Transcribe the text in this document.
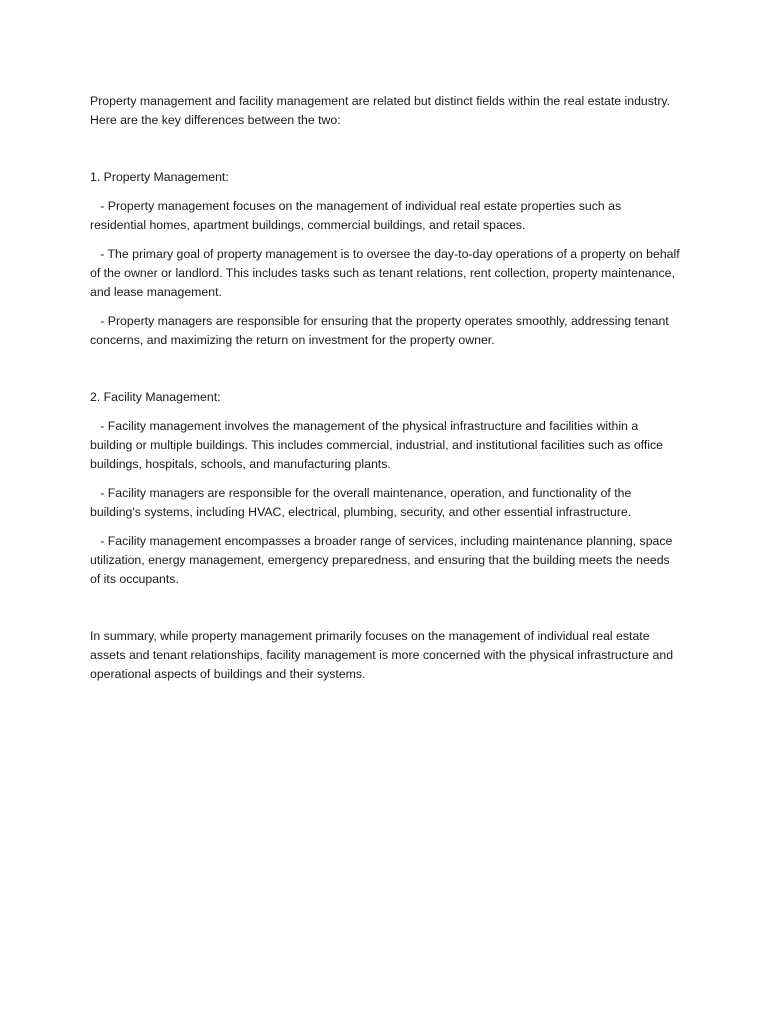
Property management and facility management are related but distinct fields within the real estate industry. Here are the key differences between the two:

1. Property Management:

- Property management focuses on the management of individual real estate properties such as residential homes, apartment buildings, commercial buildings, and retail spaces.

- The primary goal of property management is to oversee the day-to-day operations of a property on behalf of the owner or landlord. This includes tasks such as tenant relations, rent collection, property maintenance, and lease management.

- Property managers are responsible for ensuring that the property operates smoothly, addressing tenant concerns, and maximizing the return on investment for the property owner.

2. Facility Management:

- Facility management involves the management of the physical infrastructure and facilities within a building or multiple buildings. This includes commercial, industrial, and institutional facilities such as office buildings, hospitals, schools, and manufacturing plants.

- Facility managers are responsible for the overall maintenance, operation, and functionality of the building's systems, including HVAC, electrical, plumbing, security, and other essential infrastructure.

- Facility management encompasses a broader range of services, including maintenance planning, space utilization, energy management, emergency preparedness, and ensuring that the building meets the needs of its occupants.

In summary, while property management primarily focuses on the management of individual real estate assets and tenant relationships, facility management is more concerned with the physical infrastructure and operational aspects of buildings and their systems.
